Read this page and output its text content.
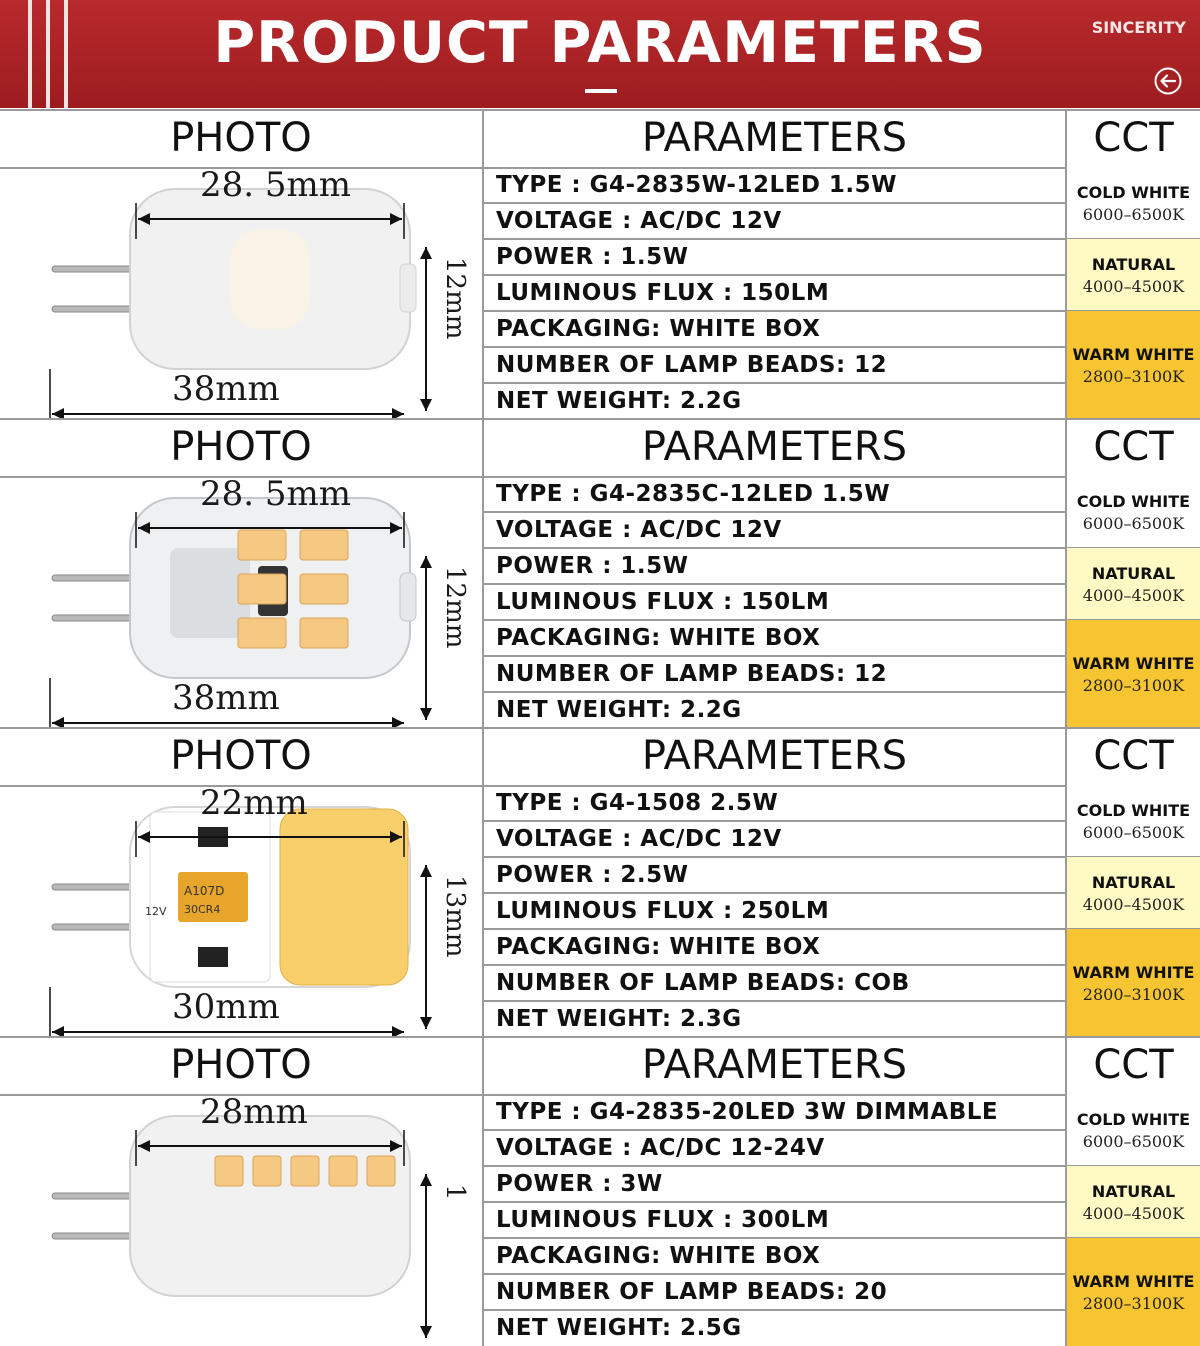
PRODUCT PARAMETERS	SINCERITY
PHOTO	PARAMETERS	CCT
28. 5mm
38mm
12mm
TYPE : G4-2835W-12LED 1.5W
VOLTAGE : AC/DC 12V
POWER : 1.5W
LUMINOUS FLUX : 150LM
PACKAGING: WHITE BOX
NUMBER OF LAMP BEADS: 12
NET WEIGHT: 2.2G
COLD WHITE
6000–6500K
NATURAL
4000–4500K
WARM WHITE
2800–3100K
PHOTO	PARAMETERS	CCT
28. 5mm
38mm
12mm
TYPE : G4-2835C-12LED 1.5W
VOLTAGE : AC/DC 12V
POWER : 1.5W
LUMINOUS FLUX : 150LM
PACKAGING: WHITE BOX
NUMBER OF LAMP BEADS: 12
NET WEIGHT: 2.2G
COLD WHITE
6000–6500K
NATURAL
4000–4500K
WARM WHITE
2800–3100K
PHOTO	PARAMETERS	CCT
A107D
30CR4
12V
22mm
30mm
13mm
TYPE : G4-1508 2.5W
VOLTAGE : AC/DC 12V
POWER : 2.5W
LUMINOUS FLUX : 250LM
PACKAGING: WHITE BOX
NUMBER OF LAMP BEADS: COB
NET WEIGHT: 2.3G
COLD WHITE
6000–6500K
NATURAL
4000–4500K
WARM WHITE
2800–3100K
PHOTO	PARAMETERS	CCT
28mm
1
TYPE : G4-2835-20LED 3W DIMMABLE
VOLTAGE : AC/DC 12-24V
POWER : 3W
LUMINOUS FLUX : 300LM
PACKAGING: WHITE BOX
NUMBER OF LAMP BEADS: 20
NET WEIGHT: 2.5G
COLD WHITE
6000–6500K
NATURAL
4000–4500K
WARM WHITE
2800–3100K
